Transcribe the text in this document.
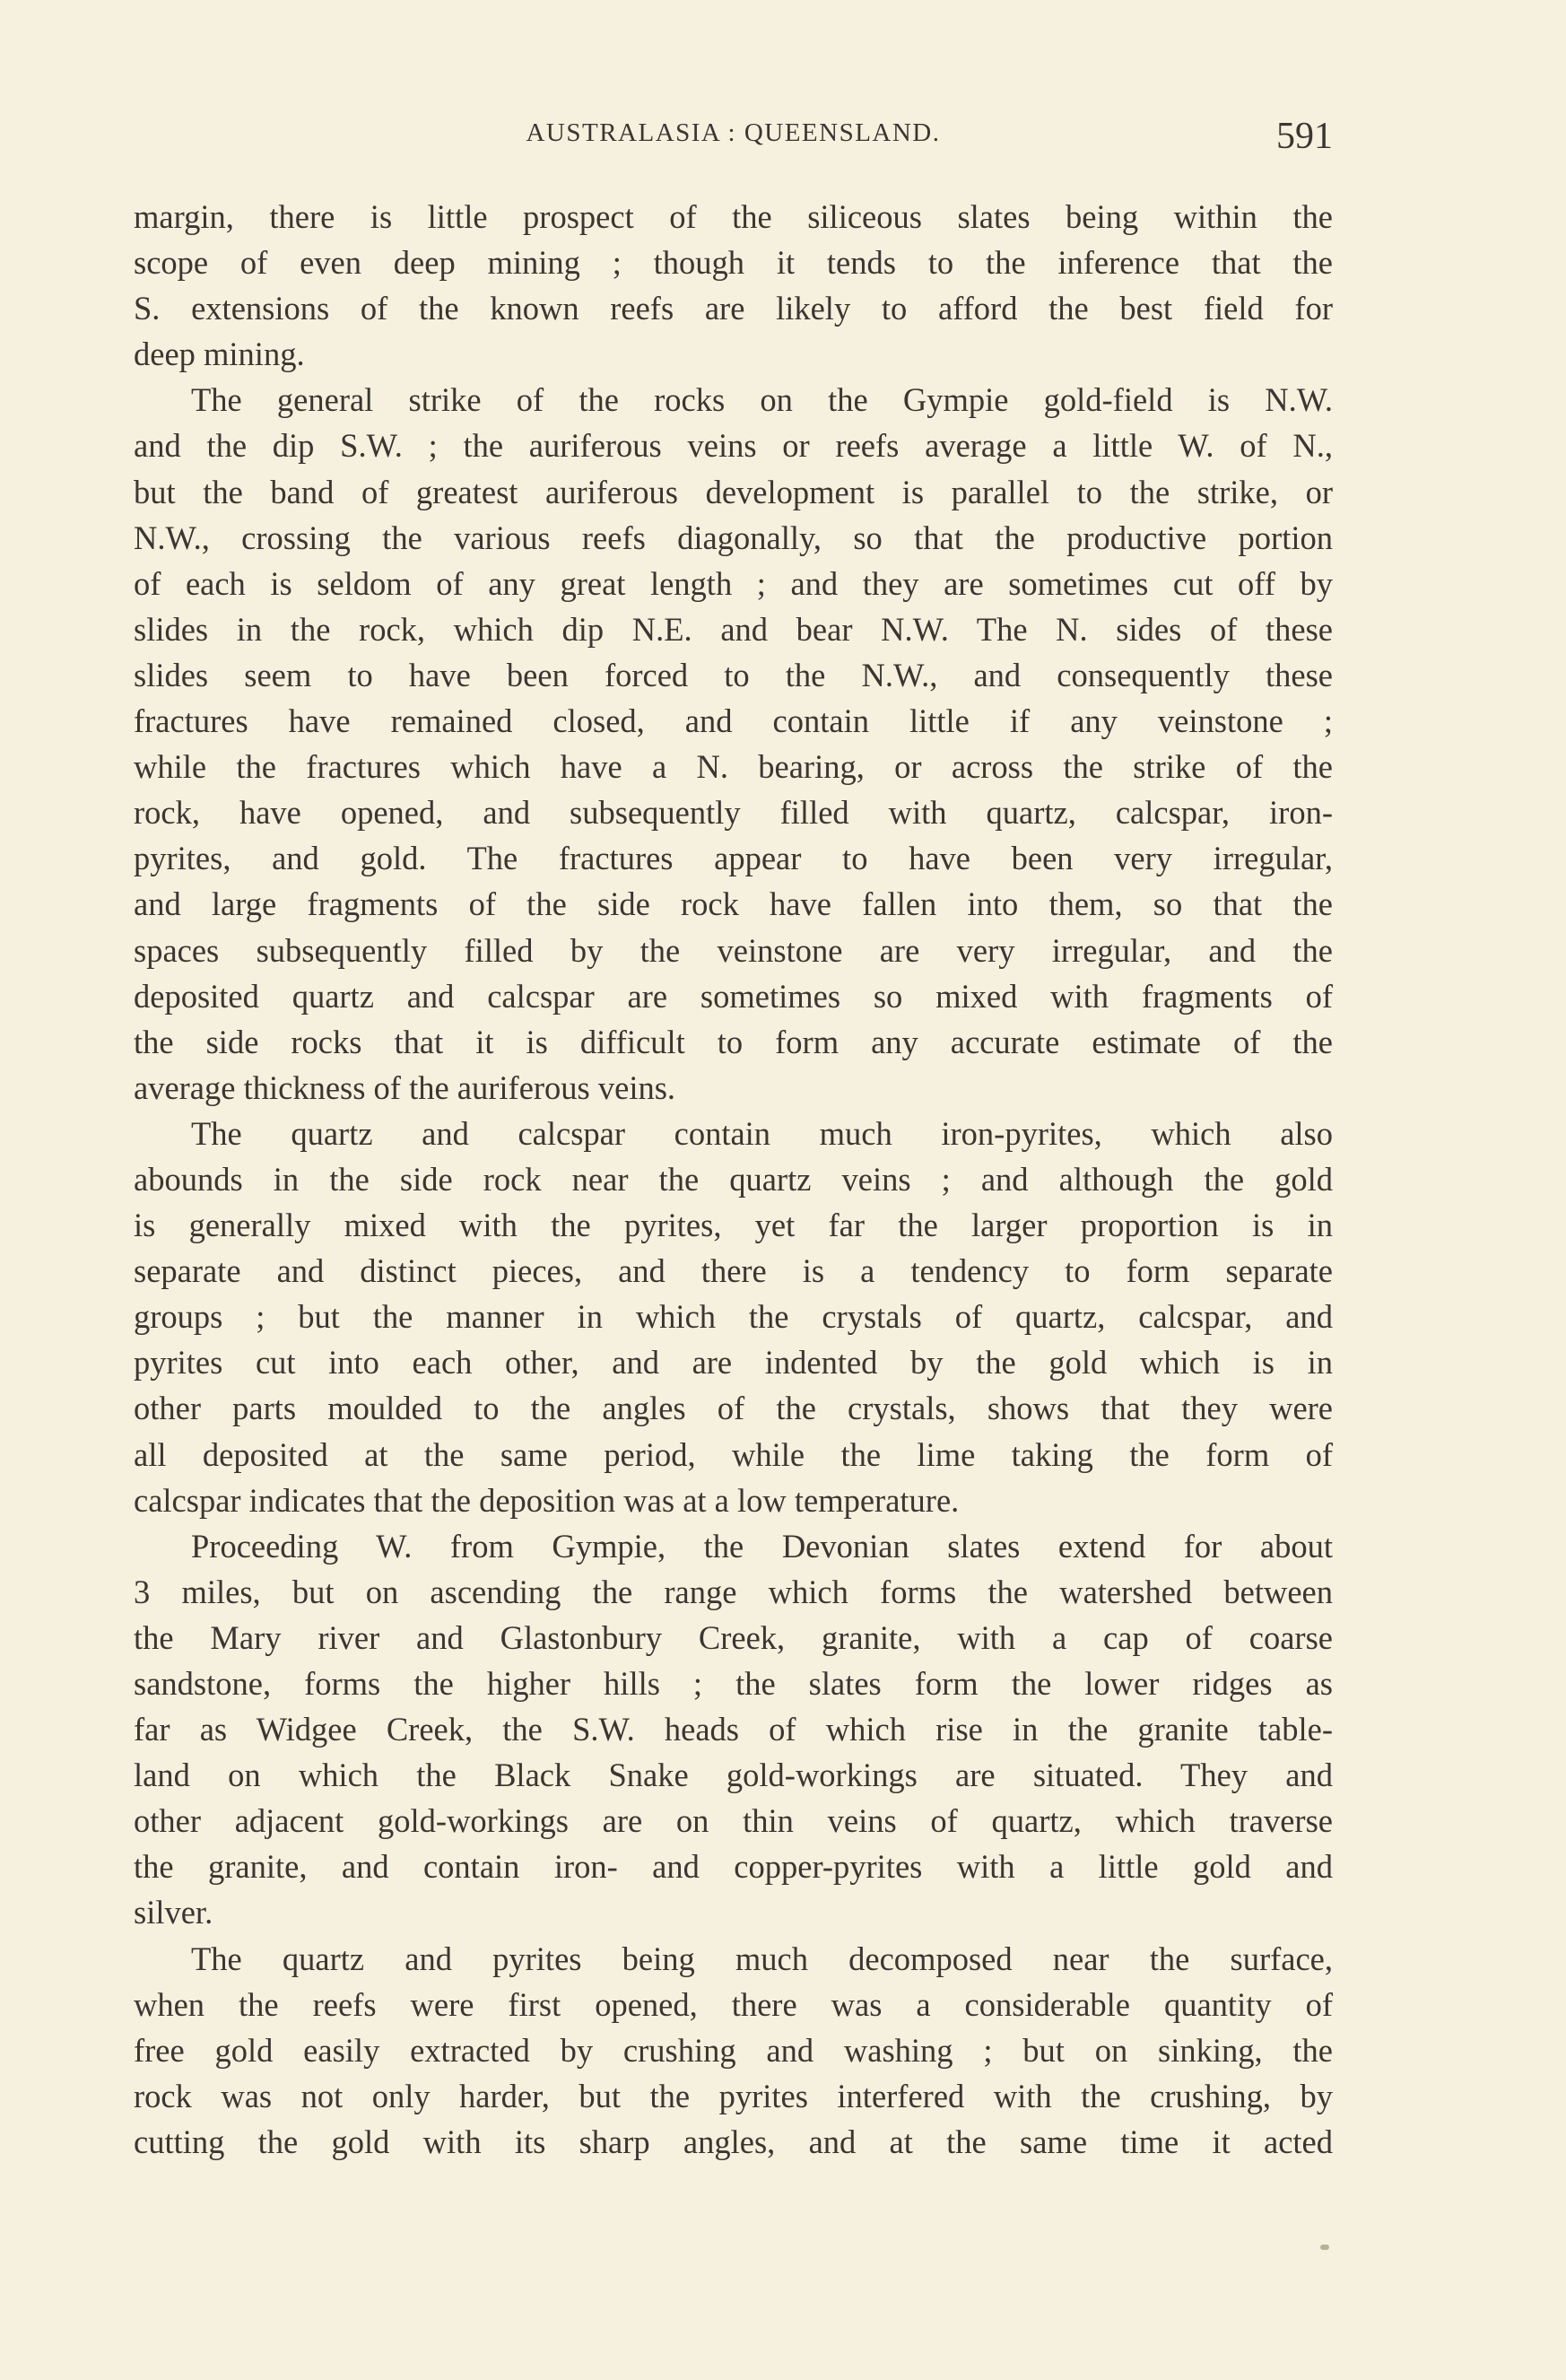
AUSTRALASIA : QUEENSLAND.	591
margin, there is little prospect of the siliceous slates being within the
scope of even deep mining ; though it tends to the inference that the
S. extensions of the known reefs are likely to afford the best field for
deep mining.
The general strike of the rocks on the Gympie gold-field is N.W.
and the dip S.W. ; the auriferous veins or reefs average a little W. of N.,
but the band of greatest auriferous development is parallel to the strike, or
N.W., crossing the various reefs diagonally, so that the productive portion
of each is seldom of any great length ; and they are sometimes cut off by
slides in the rock, which dip N.E. and bear N.W. The N. sides of these
slides seem to have been forced to the N.W., and consequently these
fractures have remained closed, and contain little if any veinstone ;
while the fractures which have a N. bearing, or across the strike of the
rock, have opened, and subsequently filled with quartz, calcspar, iron-
pyrites, and gold. The fractures appear to have been very irregular,
and large fragments of the side rock have fallen into them, so that the
spaces subsequently filled by the veinstone are very irregular, and the
deposited quartz and calcspar are sometimes so mixed with fragments of
the side rocks that it is difficult to form any accurate estimate of the
average thickness of the auriferous veins.
The quartz and calcspar contain much iron-pyrites, which also
abounds in the side rock near the quartz veins ; and although the gold
is generally mixed with the pyrites, yet far the larger proportion is in
separate and distinct pieces, and there is a tendency to form separate
groups ; but the manner in which the crystals of quartz, calcspar, and
pyrites cut into each other, and are indented by the gold which is in
other parts moulded to the angles of the crystals, shows that they were
all deposited at the same period, while the lime taking the form of
calcspar indicates that the deposition was at a low temperature.
Proceeding W. from Gympie, the Devonian slates extend for about
3 miles, but on ascending the range which forms the watershed between
the Mary river and Glastonbury Creek, granite, with a cap of coarse
sandstone, forms the higher hills ; the slates form the lower ridges as
far as Widgee Creek, the S.W. heads of which rise in the granite table-
land on which the Black Snake gold-workings are situated. They and
other adjacent gold-workings are on thin veins of quartz, which traverse
the granite, and contain iron- and copper-pyrites with a little gold and
silver.
The quartz and pyrites being much decomposed near the surface,
when the reefs were first opened, there was a considerable quantity of
free gold easily extracted by crushing and washing ; but on sinking, the
rock was not only harder, but the pyrites interfered with the crushing, by
cutting the gold with its sharp angles, and at the same time it acted
